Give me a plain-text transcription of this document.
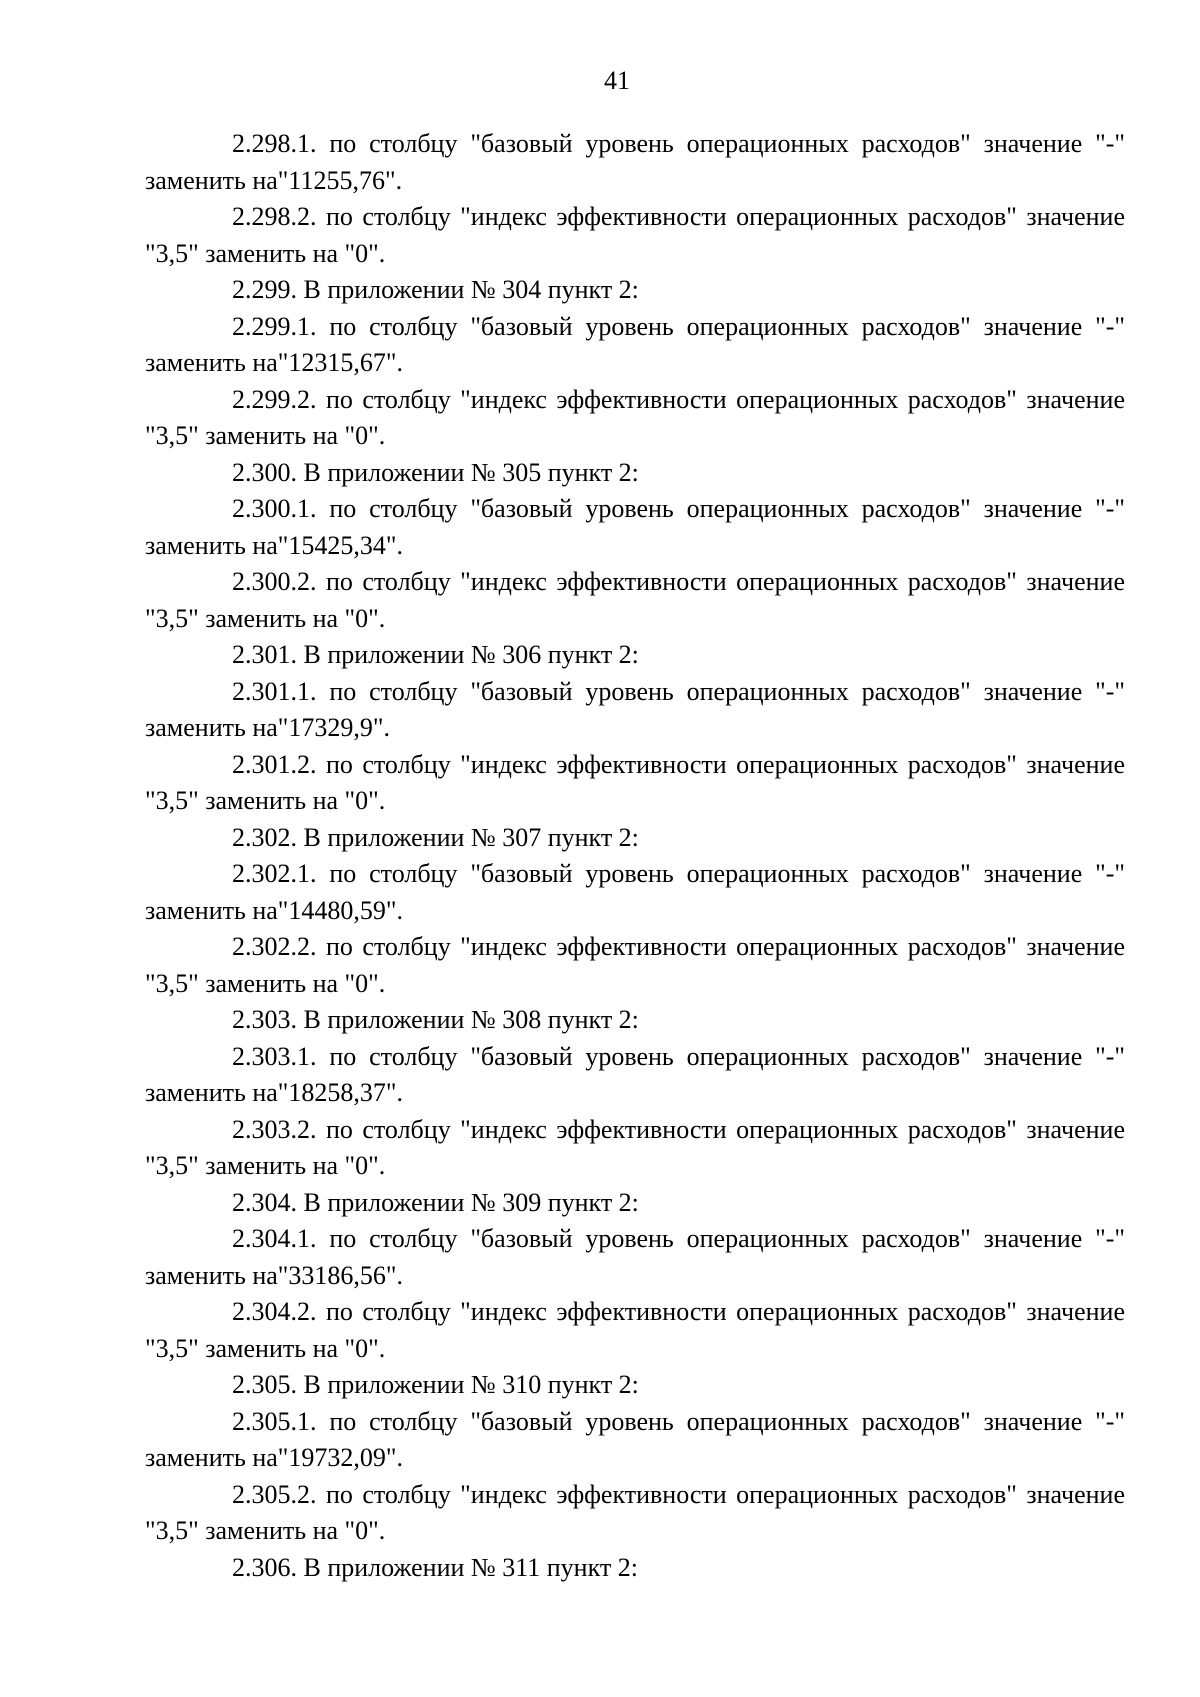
41

2.298.1. по столбцу "базовый уровень операционных расходов" значение "-" заменить на"11255,76".

2.298.2. по столбцу "индекс эффективности операционных расходов" значение "3,5" заменить на "0".

2.299. В приложении № 304 пункт 2:

2.299.1. по столбцу "базовый уровень операционных расходов" значение "-" заменить на"12315,67".

2.299.2. по столбцу "индекс эффективности операционных расходов" значение "3,5" заменить на "0".

2.300. В приложении № 305 пункт 2:

2.300.1. по столбцу "базовый уровень операционных расходов" значение "-" заменить на"15425,34".

2.300.2. по столбцу "индекс эффективности операционных расходов" значение "3,5" заменить на "0".

2.301. В приложении № 306 пункт 2:

2.301.1. по столбцу "базовый уровень операционных расходов" значение "-" заменить на"17329,9".

2.301.2. по столбцу "индекс эффективности операционных расходов" значение "3,5" заменить на "0".

2.302. В приложении № 307 пункт 2:

2.302.1. по столбцу "базовый уровень операционных расходов" значение "-" заменить на"14480,59".

2.302.2. по столбцу "индекс эффективности операционных расходов" значение "3,5" заменить на "0".

2.303. В приложении № 308 пункт 2:

2.303.1. по столбцу "базовый уровень операционных расходов" значение "-" заменить на"18258,37".

2.303.2. по столбцу "индекс эффективности операционных расходов" значение "3,5" заменить на "0".

2.304. В приложении № 309 пункт 2:

2.304.1. по столбцу "базовый уровень операционных расходов" значение "-" заменить на"33186,56".

2.304.2. по столбцу "индекс эффективности операционных расходов" значение "3,5" заменить на "0".

2.305. В приложении № 310 пункт 2:

2.305.1. по столбцу "базовый уровень операционных расходов" значение "-" заменить на"19732,09".

2.305.2. по столбцу "индекс эффективности операционных расходов" значение "3,5" заменить на "0".

2.306. В приложении № 311 пункт 2:
